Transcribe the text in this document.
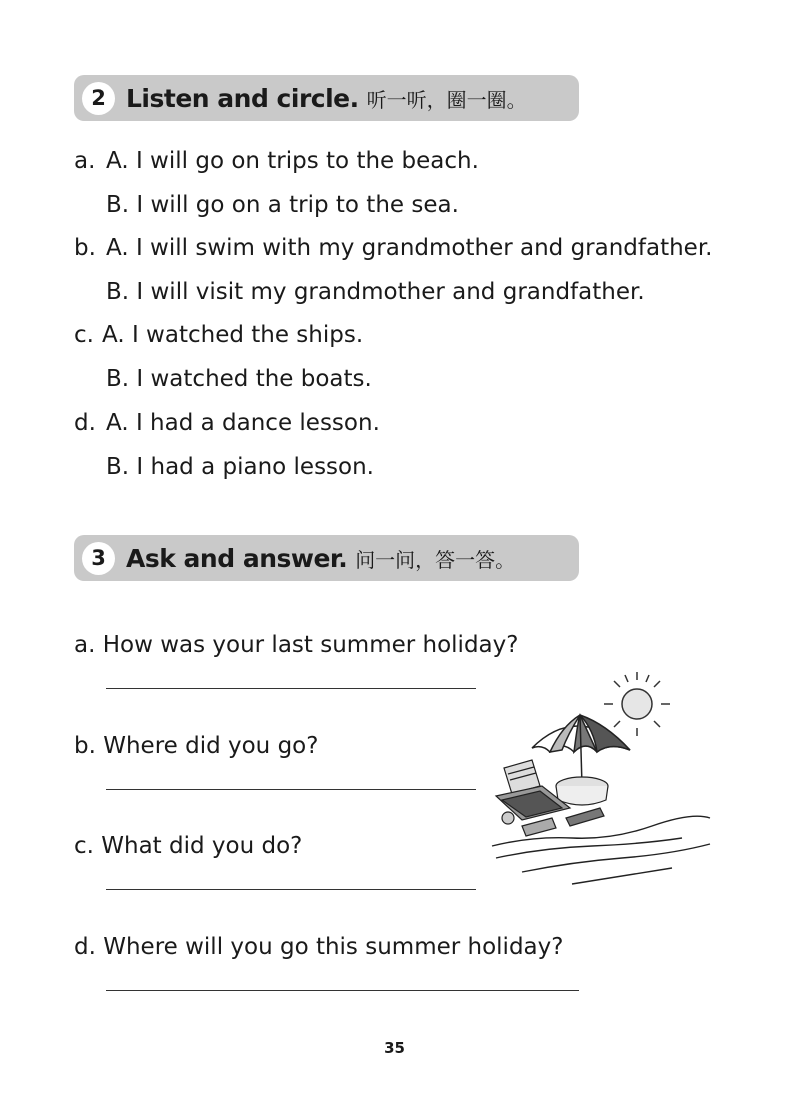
2 Listen and circle. 听一听，圈一圈。
a. A. I will go on trips to the beach.
B. I will go on a trip to the sea.
b. A. I will swim with my grandmother and grandfather.
B. I will visit my grandmother and grandfather.
c. A. I watched the ships.
B. I watched the boats.
d. A. I had a dance lesson.
B. I had a piano lesson.
3 Ask and answer. 问一问，答一答。
a. How was your last summer holiday?
b. Where did you go?
c. What did you do?
d. Where will you go this summer holiday?
35
